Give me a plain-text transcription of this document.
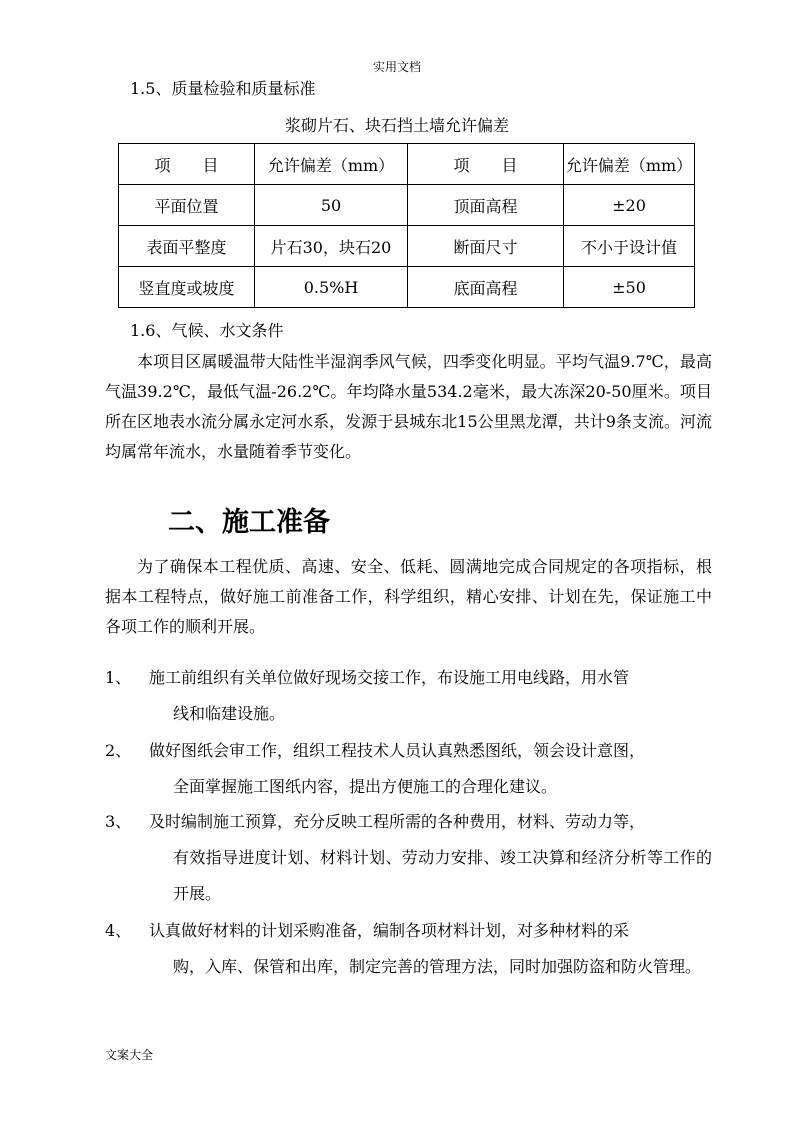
实用文档
1.5、质量检验和质量标准
浆砌片石、块石挡土墙允许偏差
项　　目	允许偏差（mm）	项　　目	允许偏差（mm）
平面位置	50	顶面高程	±20
表面平整度	片石30，块石20	断面尺寸	不小于设计值
竖直度或坡度	0.5%H	底面高程	±50
1.6、气候、水文条件
本项目区属暖温带大陆性半湿润季风气候，四季变化明显。平均气温9.7℃，最高气温39.2℃，最低气温-26.2℃。年均降水量534.2毫米，最大冻深20-50厘米。项目所在区地表水流分属永定河水系，发源于县城东北15公里黑龙潭，共计9条支流。河流均属常年流水，水量随着季节变化。
二、施工准备
为了确保本工程优质、高速、安全、低耗、圆满地完成合同规定的各项指标，根据本工程特点，做好施工前准备工作，科学组织，精心安排、计划在先，保证施工中各项工作的顺利开展。
1、 施工前组织有关单位做好现场交接工作，布设施工用电线路，用水管
线和临建设施。
2、 做好图纸会审工作，组织工程技术人员认真熟悉图纸，领会设计意图，
全面掌握施工图纸内容，提出方便施工的合理化建议。
3、 及时编制施工预算，充分反映工程所需的各种费用，材料、劳动力等，
有效指导进度计划、材料计划、劳动力安排、竣工决算和经济分析等工作的开展。
4、 认真做好材料的计划采购准备，编制各项材料计划，对多种材料的采
购，入库、保管和出库，制定完善的管理方法，同时加强防盗和防火管理。
文案大全
